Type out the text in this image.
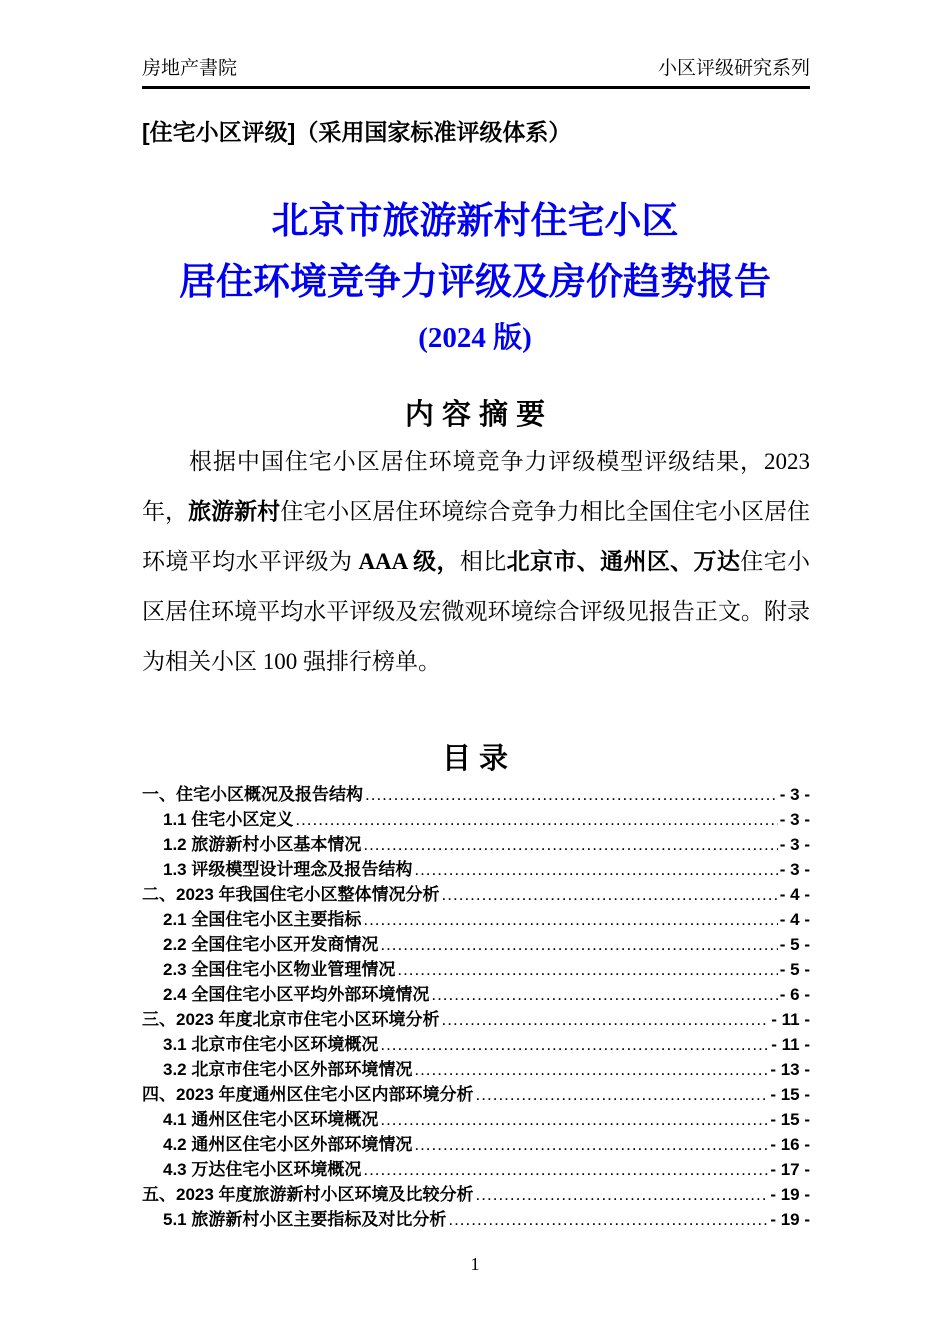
房地产書院	小区评级研究系列
[住宅小区评级]（采用国家标准评级体系）
北京市旅游新村住宅小区
居住环境竞争力评级及房价趋势报告
(2024 版)
内 容 摘 要

根据中国住宅小区居住环境竞争力评级模型评级结果，2023 年，旅游新村住宅小区居住环境综合竞争力相比全国住宅小区居住环境平均水平评级为 AAA 级，相比北京市、通州区、万达住宅小区居住环境平均水平评级及宏微观环境综合评级见报告正文。附录为相关小区 100 强排行榜单。

目 录
一、住宅小区概况及报告结构 .....	- 3 -
1.1 住宅小区定义 .....	- 3 -
1.2 旅游新村小区基本情况 .....	- 3 -
1.3 评级模型设计理念及报告结构 .....	- 3 -
二、2023 年我国住宅小区整体情况分析 .....	- 4 -
2.1 全国住宅小区主要指标 .....	- 4 -
2.2 全国住宅小区开发商情况 .....	- 5 -
2.3 全国住宅小区物业管理情况 .....	- 5 -
2.4 全国住宅小区平均外部环境情况 .....	- 6 -
三、2023 年度北京市住宅小区环境分析 .....	- 11 -
3.1 北京市住宅小区环境概况 .....	- 11 -
3.2 北京市住宅小区外部环境情况 .....	- 13 -
四、2023 年度通州区住宅小区内部环境分析 .....	- 15 -
4.1 通州区住宅小区环境概况 .....	- 15 -
4.2 通州区住宅小区外部环境情况 .....	- 16 -
4.3 万达住宅小区环境概况 .....	- 17 -
五、2023 年度旅游新村小区环境及比较分析 .....	- 19 -
5.1 旅游新村小区主要指标及对比分析 .....	- 19 -
1
